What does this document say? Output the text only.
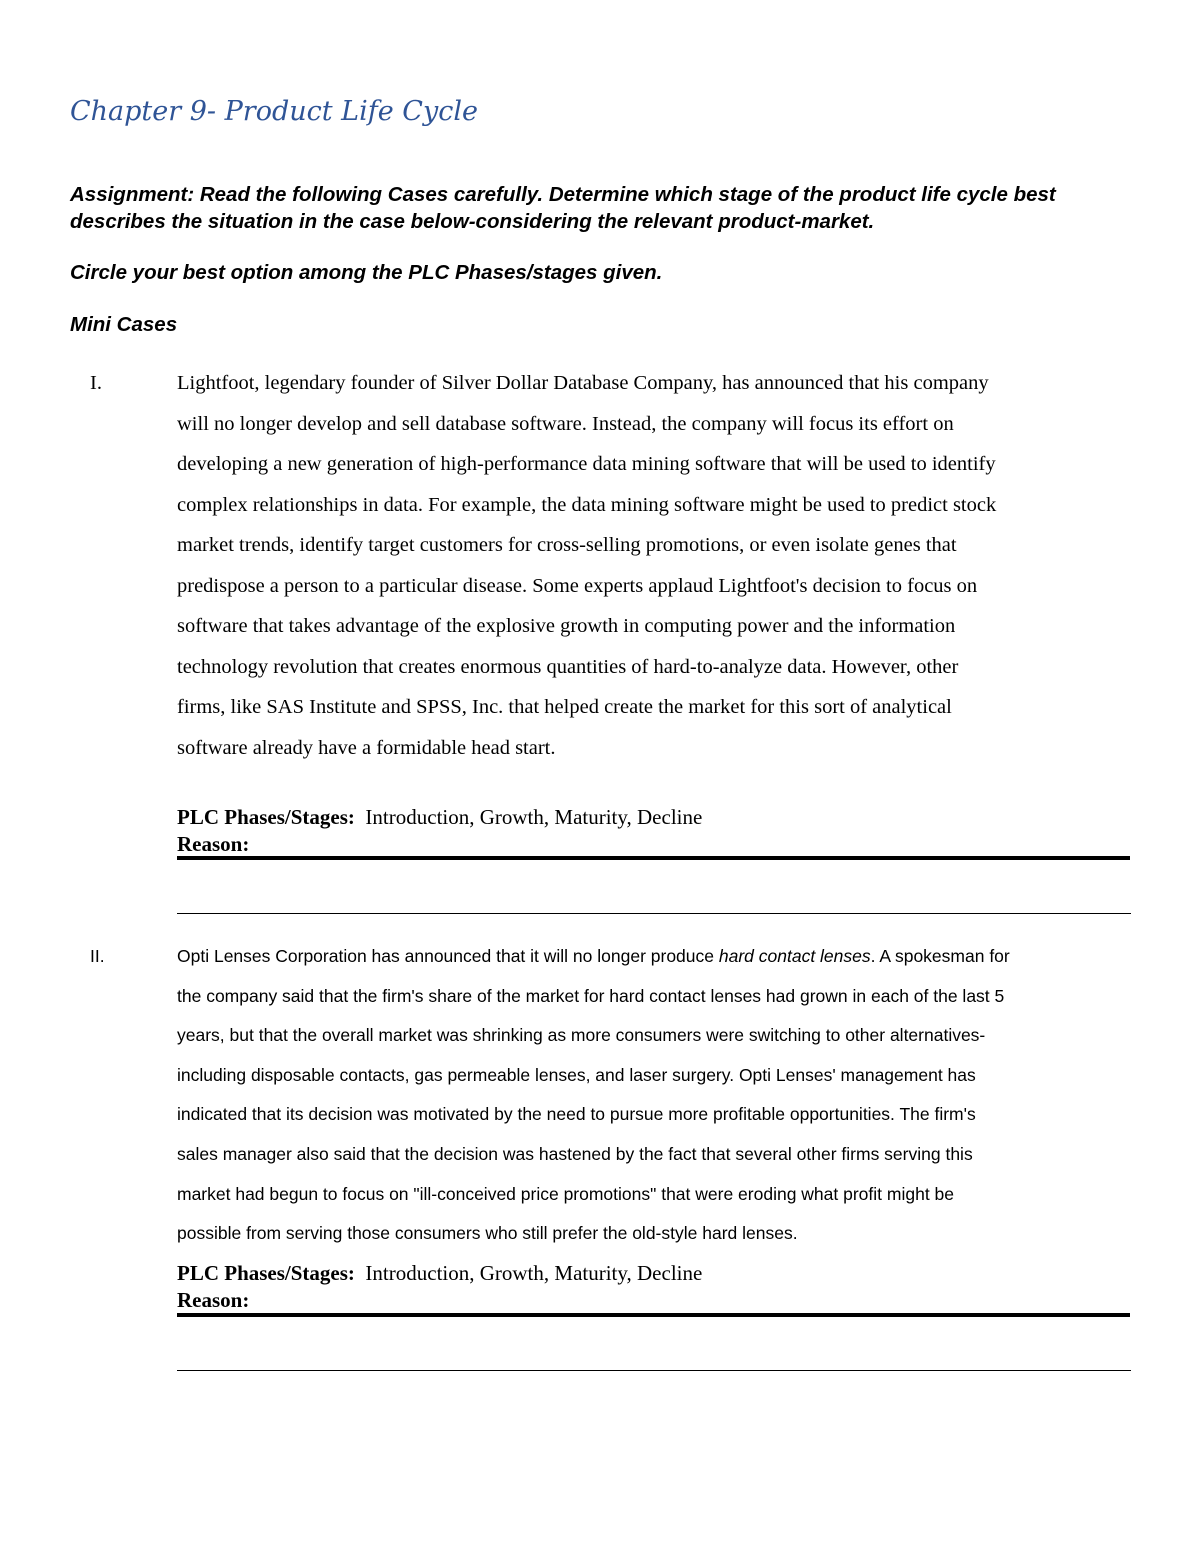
Chapter 9- Product Life Cycle
Assignment: Read the following Cases carefully. Determine which stage of the product life cycle best describes the situation in the case below-considering the relevant product-market.
Circle your best option among the PLC Phases/stages given.
Mini Cases
I.	Lightfoot, legendary founder of Silver Dollar Database Company, has announced that his company
will no longer develop and sell database software. Instead, the company will focus its effort on
developing a new generation of high-performance data mining software that will be used to identify
complex relationships in data. For example, the data mining software might be used to predict stock
market trends, identify target customers for cross-selling promotions, or even isolate genes that
predispose a person to a particular disease. Some experts applaud Lightfoot's decision to focus on
software that takes advantage of the explosive growth in computing power and the information
technology revolution that creates enormous quantities of hard-to-analyze data. However, other
firms, like SAS Institute and SPSS, Inc. that helped create the market for this sort of analytical
software already have a formidable head start.
PLC Phases/Stages: Introduction, Growth, Maturity, Decline
Reason:
II.	Opti Lenses Corporation has announced that it will no longer produce hard contact lenses. A spokesman for
the company said that the firm's share of the market for hard contact lenses had grown in each of the last 5
years, but that the overall market was shrinking as more consumers were switching to other alternatives-
including disposable contacts, gas permeable lenses, and laser surgery. Opti Lenses' management has
indicated that its decision was motivated by the need to pursue more profitable opportunities. The firm's
sales manager also said that the decision was hastened by the fact that several other firms serving this
market had begun to focus on "ill-conceived price promotions" that were eroding what profit might be
possible from serving those consumers who still prefer the old-style hard lenses.
PLC Phases/Stages: Introduction, Growth, Maturity, Decline
Reason:
